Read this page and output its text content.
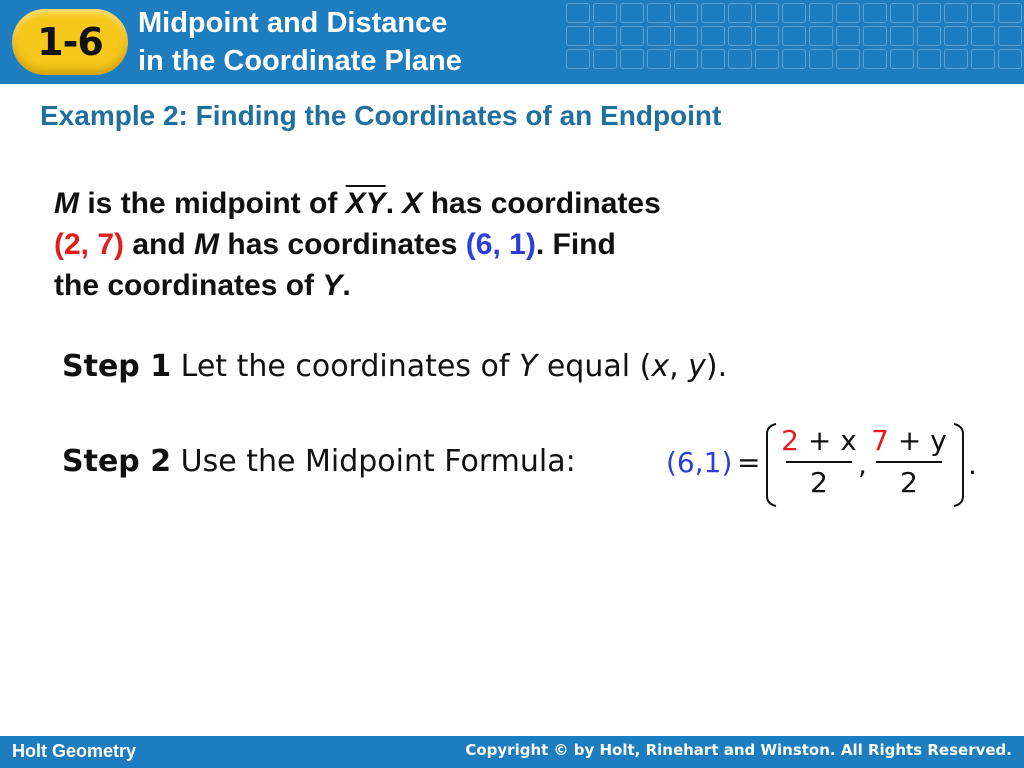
1-6	Midpoint and Distance
in the Coordinate Plane
Example 2: Finding the Coordinates of an Endpoint
M is the midpoint of $\overline{XY}$. X has coordinates
(2, 7) and M has coordinates (6, 1). Find
the coordinates of Y.
Step 1 Let the coordinates of Y equal (x, y).
Step 2 Use the Midpoint Formula:	(6,1) =
2 + x
2
,
7 + y
2
.
Holt Geometry	Copyright © by Holt, Rinehart and Winston. All Rights Reserved.
